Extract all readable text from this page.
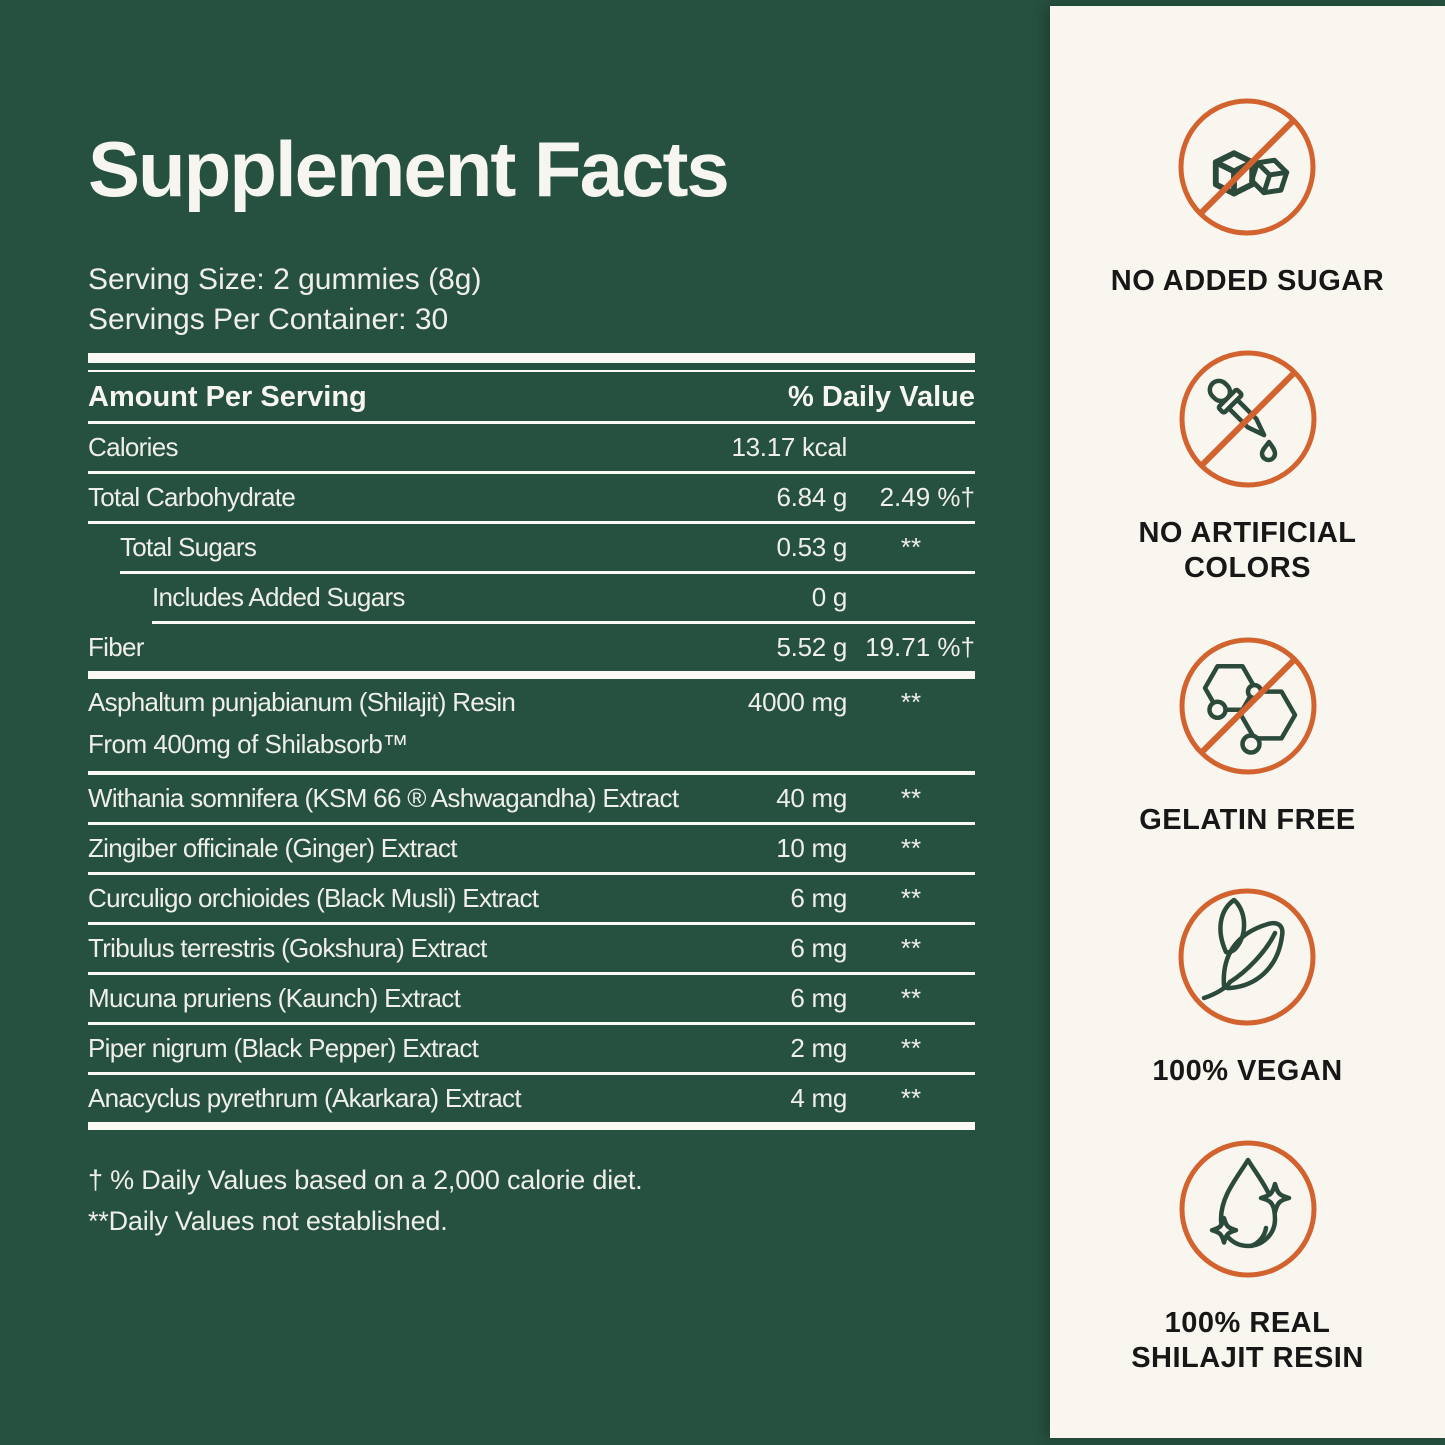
Supplement Facts
Serving Size: 2 gummies (8g)
Servings Per Container: 30
Amount Per Serving	% Daily Value
Calories	13.17 kcal
Total Carbohydrate	6.84 g	2.49 %†
Total Sugars	0.53 g	**
Includes Added Sugars	0 g
Fiber	5.52 g 19.71 %†
Asphaltum punjabianum (Shilajit) Resin	4000 mg	**
From 400mg of Shilabsorb™
Withania somnifera (KSM 66 ® Ashwagandha) Extract	40 mg	**
Zingiber officinale (Ginger) Extract	10 mg	**
Curculigo orchioides (Black Musli) Extract	6 mg	**
Tribulus terrestris (Gokshura) Extract	6 mg	**
Mucuna pruriens (Kaunch) Extract	6 mg	**
Piper nigrum (Black Pepper) Extract	2 mg	**
Anacyclus pyrethrum (Akarkara) Extract	4 mg	**
† % Daily Values based on a 2,000 calorie diet.
**Daily Values not established.
NO ADDED SUGAR
NO ARTIFICIAL COLORS
GELATIN FREE
100% VEGAN
100% REAL SHILAJIT RESIN
